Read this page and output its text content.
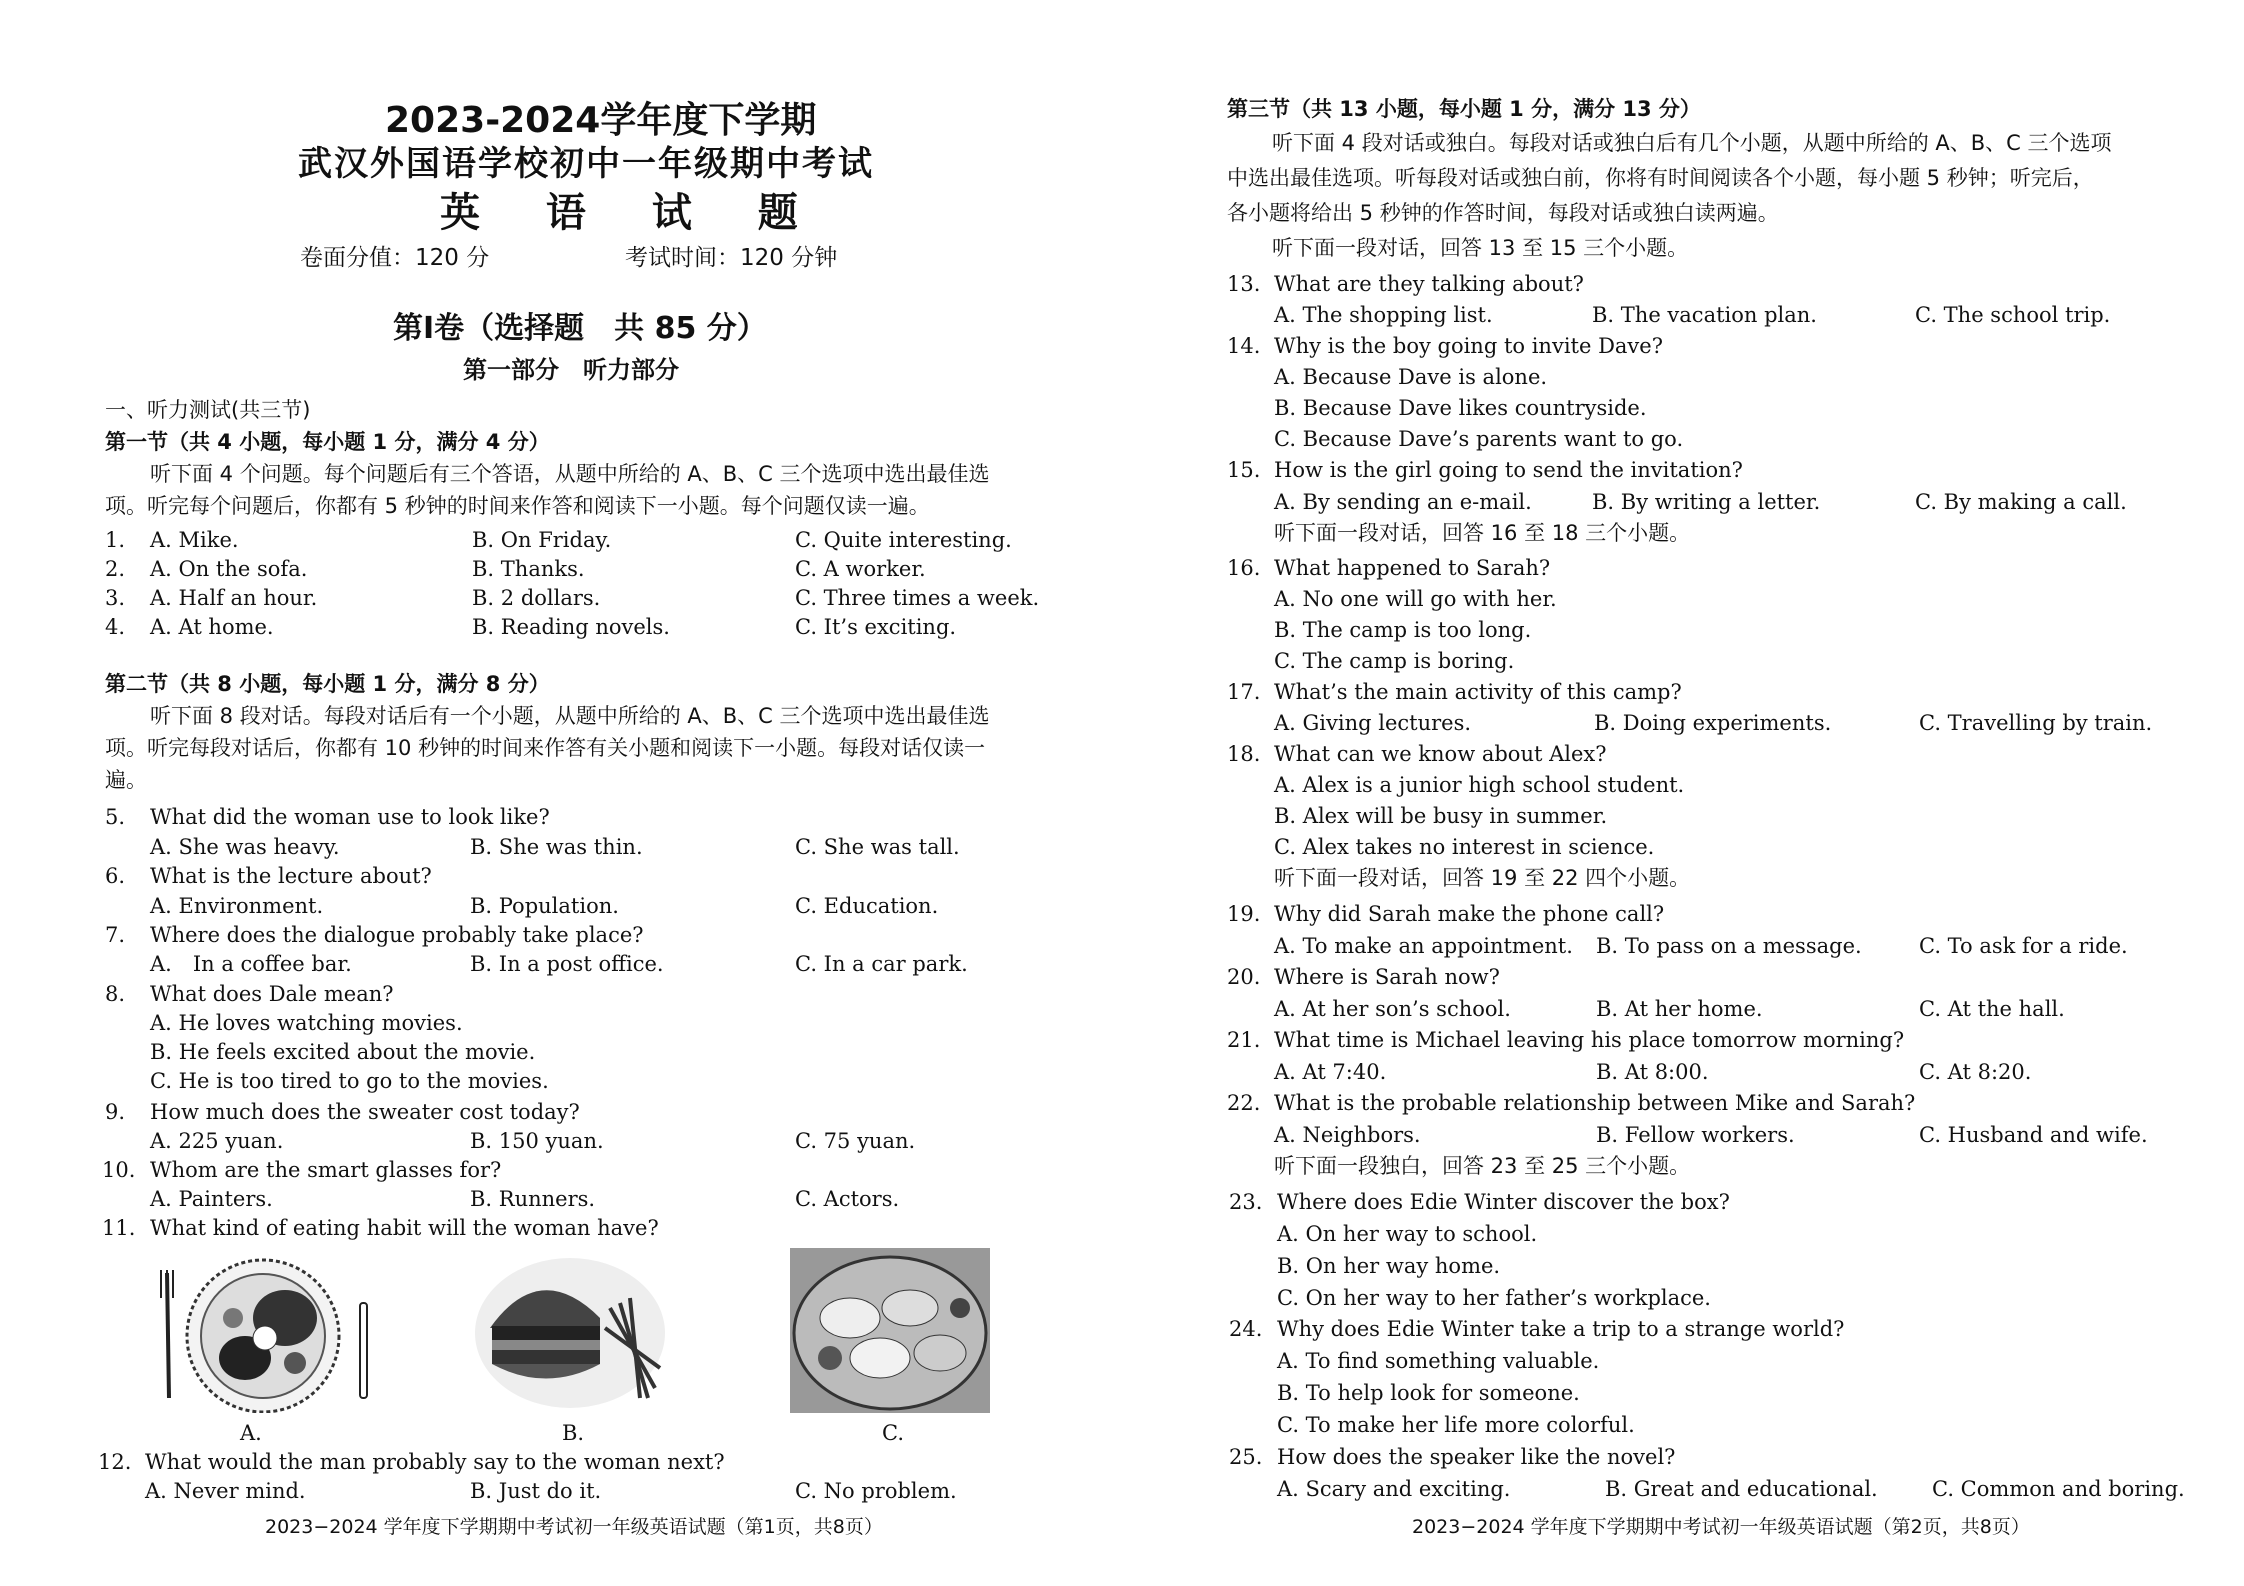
2023-2024学年度下学期
武汉外国语学校初中一年级期中考试
英 语 试 题
卷面分值：120 分	考试时间：120 分钟
第Ⅰ卷（选择题　共 85 分）
第一部分　听力部分
一、听力测试(共三节)
第一节（共 4 小题，每小题 1 分，满分 4 分）
听下面 4 个问题。每个问题后有三个答语，从题中所给的 A、B、C 三个选项中选出最佳选
项。听完每个问题后，你都有 5 秒钟的时间来作答和阅读下一小题。每个问题仅读一遍。
1. A. Mike.	B. On Friday.	C. Quite interesting.
2. A. On the sofa.	B. Thanks.	C. A worker.
3. A. Half an hour.	B. 2 dollars.	C. Three times a week.
4. A. At home.	B. Reading novels.	C. It’s exciting.
第二节（共 8 小题，每小题 1 分，满分 8 分）
听下面 8 段对话。每段对话后有一个小题，从题中所给的 A、B、C 三个选项中选出最佳选
项。听完每段对话后，你都有 10 秒钟的时间来作答有关小题和阅读下一小题。每段对话仅读一
遍。
5. What did the woman use to look like?
A. She was heavy.	B. She was thin.	C. She was tall.
6. What is the lecture about?
A. Environment.	B. Population.	C. Education.
7. Where does the dialogue probably take place?
A.　In a coffee bar.	B. In a post office.	C. In a car park.
8. What does Dale mean?
A. He loves watching movies.
B. He feels excited about the movie.
C. He is too tired to go to the movies.
9. How much does the sweater cost today?
A. 225 yuan.	B. 150 yuan.	C. 75 yuan.
10. Whom are the smart glasses for?
A. Painters.	B. Runners.	C. Actors.
11. What kind of eating habit will the woman have?
A.	B.	C.
12. What would the man probably say to the woman next?
A. Never mind.	B. Just do it.	C. No problem.
2023−2024 学年度下学期期中考试初一年级英语试题（第1页，共8页）
第三节（共 13 小题，每小题 1 分，满分 13 分）
听下面 4 段对话或独白。每段对话或独白后有几个小题，从题中所给的 A、B、C 三个选项
中选出最佳选项。听每段对话或独白前，你将有时间阅读各个小题，每小题 5 秒钟；听完后，
各小题将给出 5 秒钟的作答时间，每段对话或独白读两遍。
听下面一段对话，回答 13 至 15 三个小题。
13. What are they talking about?
A. The shopping list.	B. The vacation plan.	C. The school trip.
14. Why is the boy going to invite Dave?
A. Because Dave is alone.
B. Because Dave likes countryside.
C. Because Dave’s parents want to go.
15. How is the girl going to send the invitation?
A. By sending an e-mail.	B. By writing a letter.	C. By making a call.
听下面一段对话，回答 16 至 18 三个小题。
16. What happened to Sarah?
A. No one will go with her.
B. The camp is too long.
C. The camp is boring.
17. What’s the main activity of this camp?
A. Giving lectures.	B. Doing experiments.	C. Travelling by train.
18. What can we know about Alex?
A. Alex is a junior high school student.
B. Alex will be busy in summer.
C. Alex takes no interest in science.
听下面一段对话，回答 19 至 22 四个小题。
19. Why did Sarah make the phone call?
A. To make an appointment. B. To pass on a message.	C. To ask for a ride.
20. Where is Sarah now?
A. At her son’s school.	B. At her home.	C. At the hall.
21. What time is Michael leaving his place tomorrow morning?
A. At 7:40.	B. At 8:00.	C. At 8:20.
22. What is the probable relationship between Mike and Sarah?
A. Neighbors.	B. Fellow workers.	C. Husband and wife.
听下面一段独白，回答 23 至 25 三个小题。
23. Where does Edie Winter discover the box?
A. On her way to school.
B. On her way home.
C. On her way to her father’s workplace.
24. Why does Edie Winter take a trip to a strange world?
A. To find something valuable.
B. To help look for someone.
C. To make her life more colorful.
25. How does the speaker like the novel?
A. Scary and exciting.	B. Great and educational.	C. Common and boring.
2023−2024 学年度下学期期中考试初一年级英语试题（第2页，共8页）
